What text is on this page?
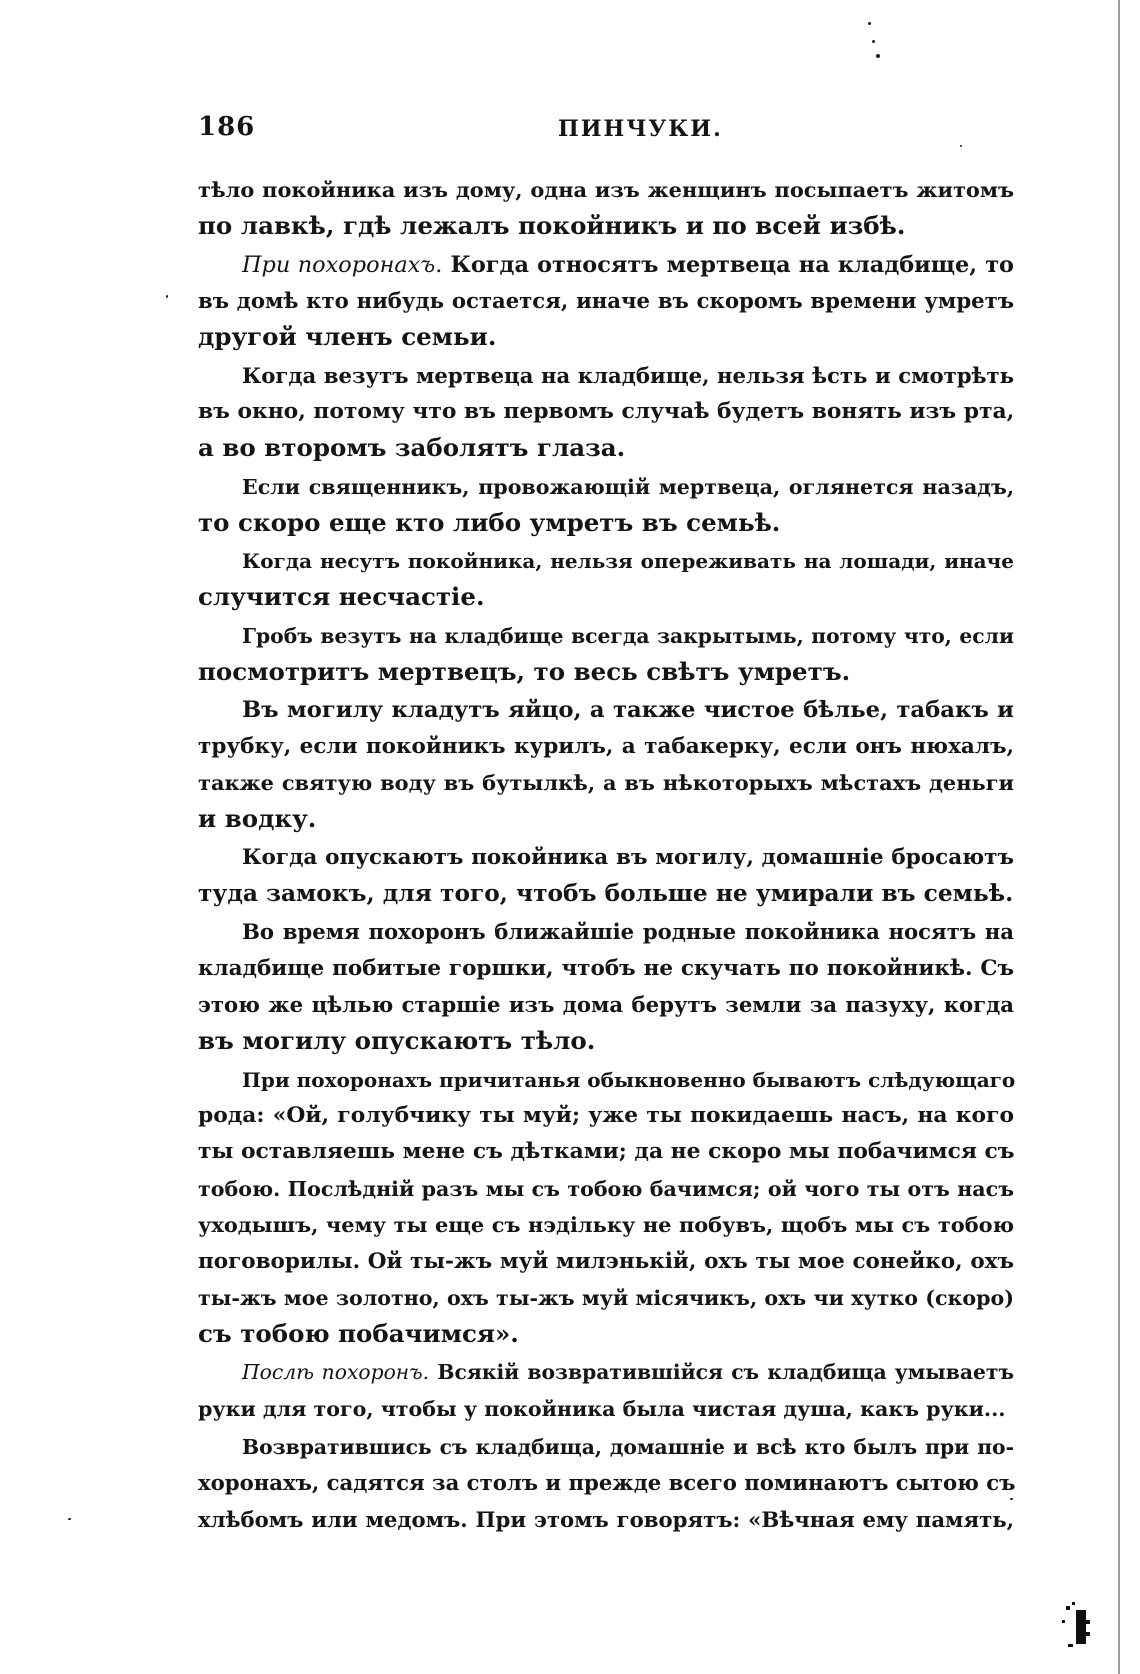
186	ПИНЧУКИ.
тѣло покойника изъ дому, одна изъ женщинъ посыпаетъ житомъ
по лавкѣ, гдѣ лежалъ покойникъ и по всей избѣ.
При похоронахъ. Когда относятъ мертвеца на кладбище, то
въ домѣ кто нибудь остается, иначе въ скоромъ времени умретъ
другой членъ семьи.
Когда везутъ мертвеца на кладбище, нельзя ѣсть и смотрѣть
въ окно, потому что въ первомъ случаѣ будетъ вонять изъ рта,
а во второмъ заболятъ глаза.
Если священникъ, провожающій мертвеца, оглянется назадъ,
то скоро еще кто либо умретъ въ семьѣ.
Когда несутъ покойника, нельзя опереживать на лошади, иначе
случится несчастіе.
Гробъ везутъ на кладбище всегда закрытымь, потому что, если
посмотритъ мертвецъ, то весь свѣтъ умретъ.
Въ могилу кладутъ яйцо, а также чистое бѣлье, табакъ и
трубку, если покойникъ курилъ, а табакерку, если онъ нюхалъ,
также святую воду въ бутылкѣ, а въ нѣкоторыхъ мѣстахъ деньги
и водку.
Когда опускаютъ покойника въ могилу, домашніе бросаютъ
туда замокъ, для того, чтобъ больше не умирали въ семьѣ.
Во время похоронъ ближайшіе родные покойника носятъ на
кладбище побитые горшки, чтобъ не скучать по покойникѣ. Съ
этою же цѣлью старшіе изъ дома берутъ земли за пазуху, когда
въ могилу опускаютъ тѣло.
При похоронахъ причитанья обыкновенно бываютъ слѣдующаго
рода: «Ой, голубчику ты муй; уже ты покидаешь насъ, на кого
ты оставляешь мене съ дѣтками; да не скоро мы побачимся съ
тобою. Послѣдній разъ мы съ тобою бачимся; ой чого ты отъ насъ
уходышъ, чему ты еще съ нэдільку не побувъ, щобъ мы съ тобою
поговорилы. Ой ты-жъ муй милэнькій, охъ ты мое сонейко, охъ
ты-жъ мое золотно, охъ ты-жъ муй місячикъ, охъ чи хутко (скоро)
съ тобою побачимся».
Послѣ похоронъ. Всякій возвратившійся съ кладбища умываетъ
руки для того, чтобы у покойника была чистая душа, какъ руки...
Возвратившись съ кладбища, домашніе и всѣ кто былъ при по-
хоронахъ, садятся за столъ и прежде всего поминаютъ сытою съ
хлѣбомъ или медомъ. При этомъ говорятъ: «Вѣчная ему память,
